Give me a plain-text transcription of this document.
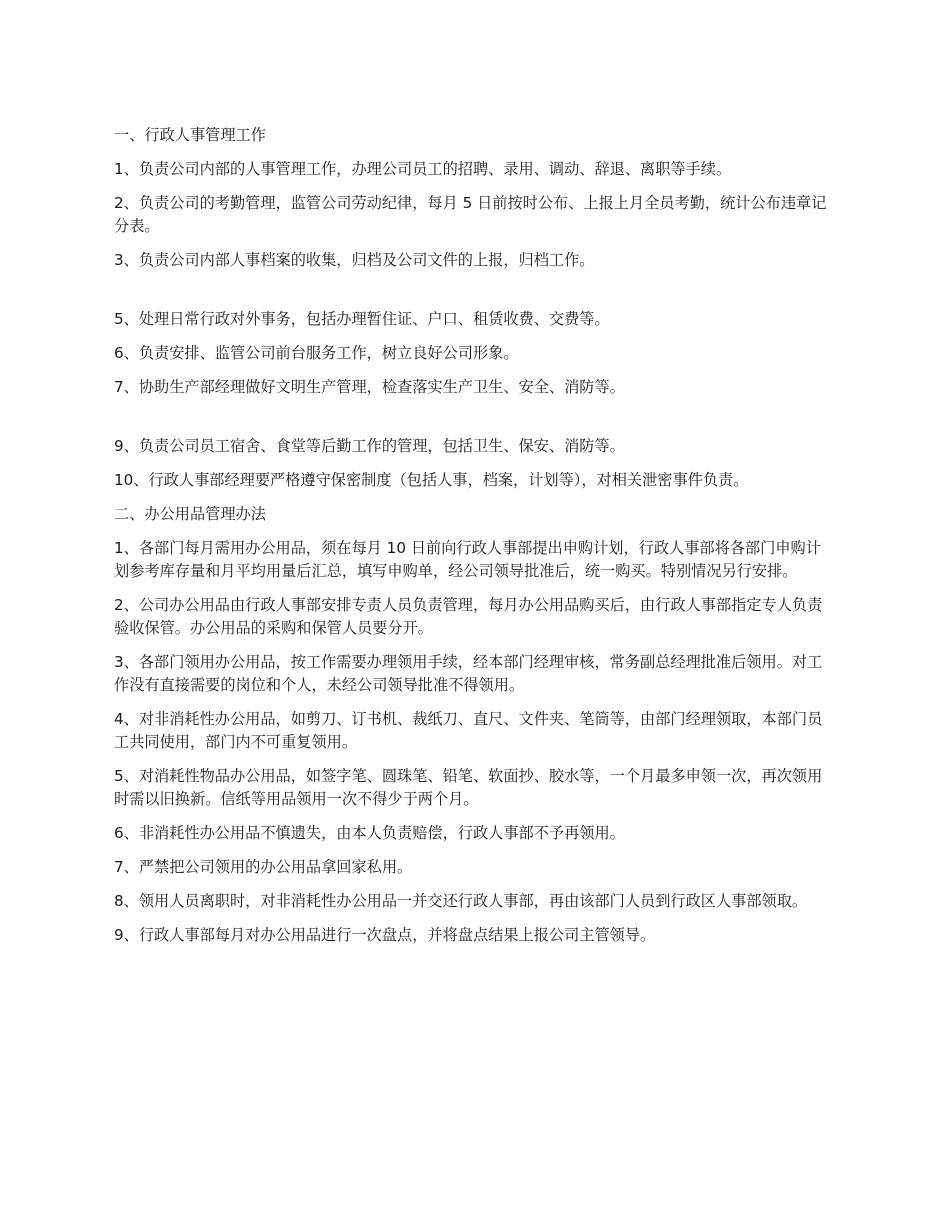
一、行政人事管理工作

1、负责公司内部的人事管理工作，办理公司员工的招聘、录用、调动、辞退、离职等手续。

2、负责公司的考勤管理，监管公司劳动纪律，每月 5 日前按时公布、上报上月全员考勤，统计公布违章记分表。

3、负责公司内部人事档案的收集，归档及公司文件的上报，归档工作。

5、处理日常行政对外事务，包括办理暂住证、户口、租赁收费、交费等。

6、负责安排、监管公司前台服务工作，树立良好公司形象。

7、协助生产部经理做好文明生产管理，检查落实生产卫生、安全、消防等。

9、负责公司员工宿舍、食堂等后勤工作的管理，包括卫生、保安、消防等。

10、行政人事部经理要严格遵守保密制度（包括人事，档案，计划等），对相关泄密事件负责。

二、办公用品管理办法

1、各部门每月需用办公用品，须在每月 10 日前向行政人事部提出申购计划，行政人事部将各部门申购计划参考库存量和月平均用量后汇总，填写申购单，经公司领导批准后，统一购买。特别情况另行安排。

2、公司办公用品由行政人事部安排专责人员负责管理，每月办公用品购买后，由行政人事部指定专人负责验收保管。办公用品的采购和保管人员要分开。

3、各部门领用办公用品，按工作需要办理领用手续，经本部门经理审核，常务副总经理批准后领用。对工作没有直接需要的岗位和个人，未经公司领导批准不得领用。

4、对非消耗性办公用品，如剪刀、订书机、裁纸刀、直尺、文件夹、笔筒等，由部门经理领取，本部门员工共同使用，部门内不可重复领用。

5、对消耗性物品办公用品，如签字笔、圆珠笔、铅笔、软面抄、胶水等，一个月最多申领一次，再次领用时需以旧换新。信纸等用品领用一次不得少于两个月。

6、非消耗性办公用品不慎遗失，由本人负责赔偿，行政人事部不予再领用。

7、严禁把公司领用的办公用品拿回家私用。

8、领用人员离职时，对非消耗性办公用品一并交还行政人事部，再由该部门人员到行政区人事部领取。

9、行政人事部每月对办公用品进行一次盘点，并将盘点结果上报公司主管领导。
